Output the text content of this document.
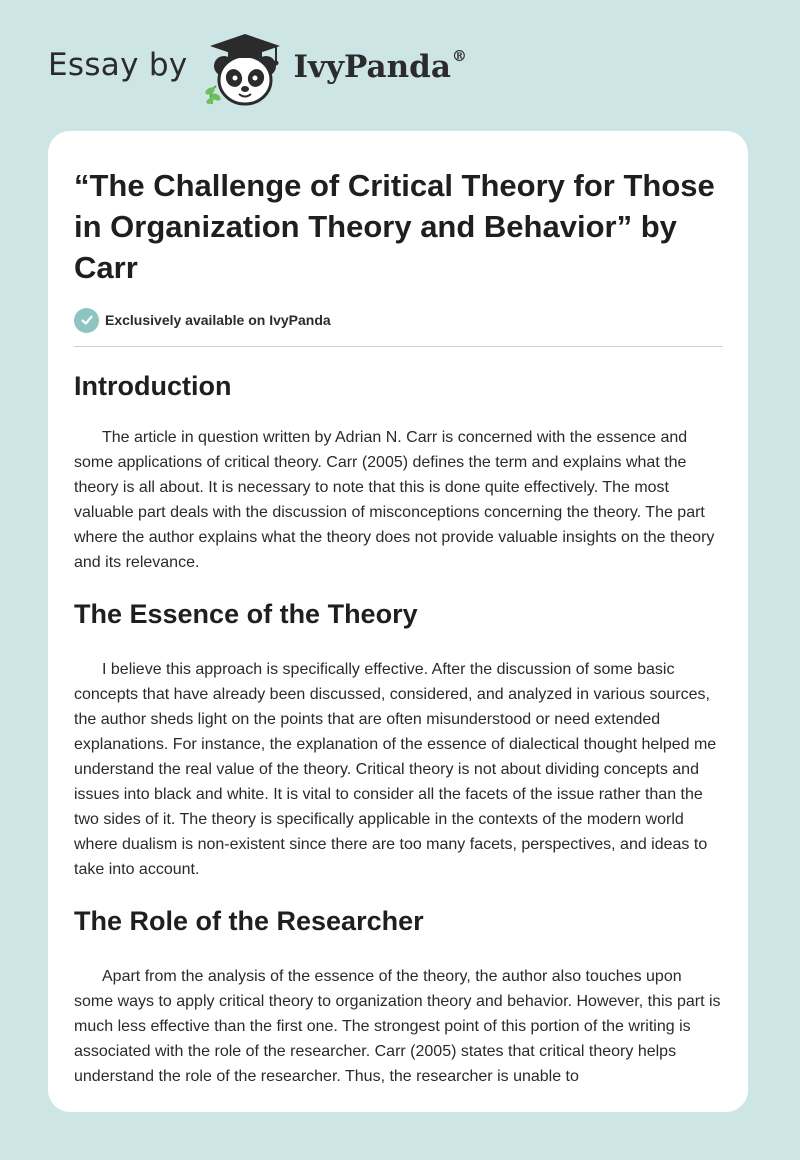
Essay by	IvyPanda®
“The Challenge of Critical Theory for Those in Organization Theory and Behavior” by Carr
Exclusively available on IvyPanda
Introduction

The article in question written by Adrian N. Carr is concerned with the essence and some applications of critical theory. Carr (2005) defines the term and explains what the theory is all about. It is necessary to note that this is done quite effectively. The most valuable part deals with the discussion of misconceptions concerning the theory. The part where the author explains what the theory does not provide valuable insights on the theory and its relevance.

The Essence of the Theory

I believe this approach is specifically effective. After the discussion of some basic concepts that have already been discussed, considered, and analyzed in various sources, the author sheds light on the points that are often misunderstood or need extended explanations. For instance, the explanation of the essence of dialectical thought helped me understand the real value of the theory. Critical theory is not about dividing concepts and issues into black and white. It is vital to consider all the facets of the issue rather than the two sides of it. The theory is specifically applicable in the contexts of the modern world where dualism is non-existent since there are too many facets, perspectives, and ideas to take into account.

The Role of the Researcher

Apart from the analysis of the essence of the theory, the author also touches upon some ways to apply critical theory to organization theory and behavior. However, this part is much less effective than the first one. The strongest point of this portion of the writing is associated with the role of the researcher. Carr (2005) states that critical theory helps understand the role of the researcher. Thus, the researcher is unable to
